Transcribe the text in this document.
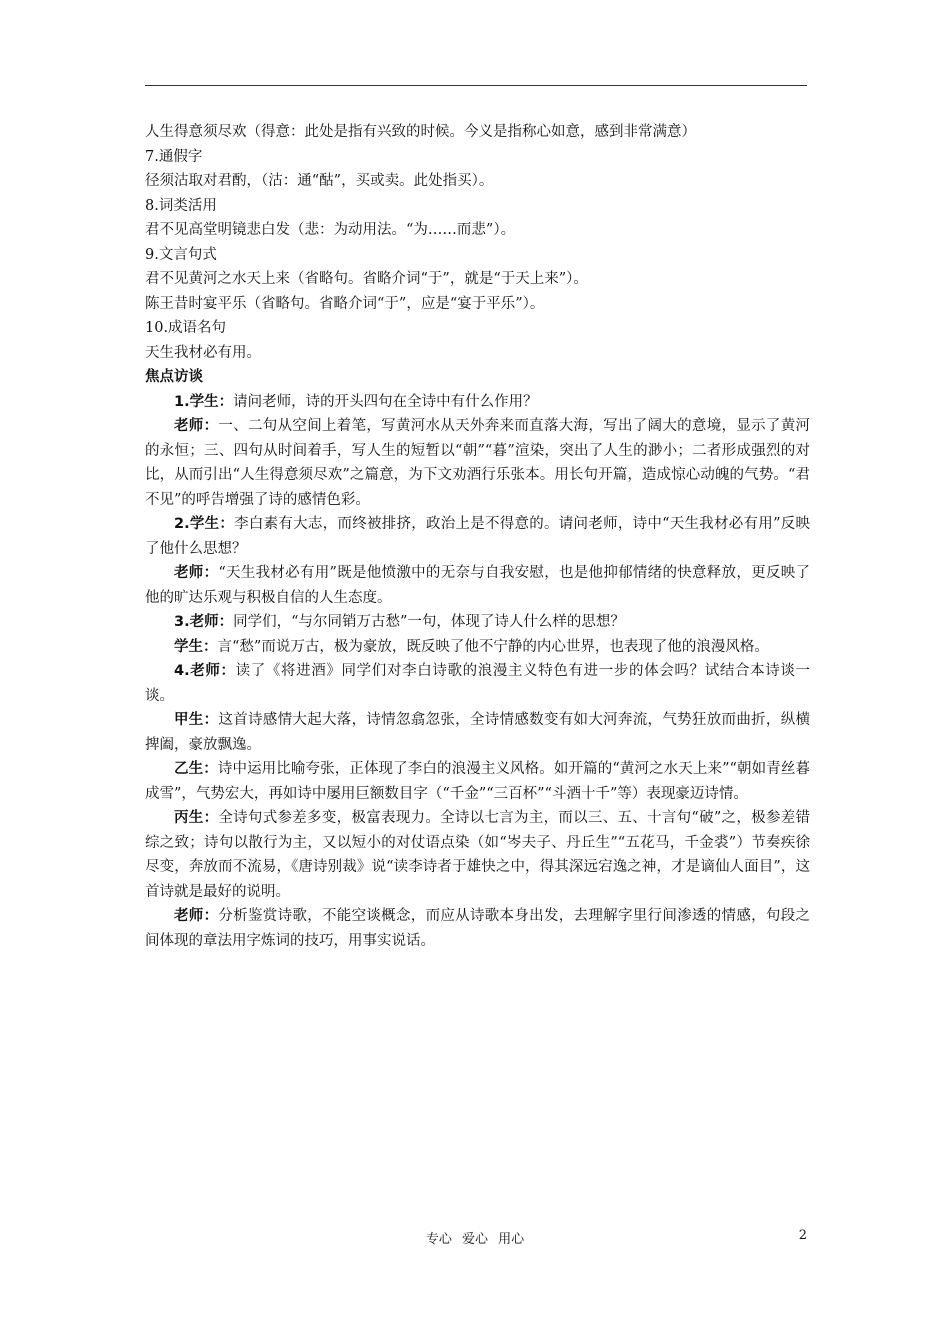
人生得意须尽欢（得意：此处是指有兴致的时候。今义是指称心如意，感到非常满意）
7.通假字
径须沽取对君酌，（沽：通“酤”，买或卖。此处指买）。
8.词类活用
君不见高堂明镜悲白发（悲：为动用法。“为……而悲”）。
9.文言句式
君不见黄河之水天上来（省略句。省略介词“于”，就是“于天上来”）。
陈王昔时宴平乐（省略句。省略介词“于”，应是“宴于平乐”）。
10.成语名句
天生我材必有用。
焦点访谈
1.学生：请问老师，诗的开头四句在全诗中有什么作用？
老师：一、二句从空间上着笔，写黄河水从天外奔来而直落大海，写出了阔大的意境，显示了黄河的永恒；三、四句从时间着手，写人生的短暂以“朝”“暮”渲染，突出了人生的渺小；二者形成强烈的对比，从而引出“人生得意须尽欢”之篇意，为下文劝酒行乐张本。用长句开篇，造成惊心动魄的气势。“君不见”的呼告增强了诗的感情色彩。
2.学生：李白素有大志，而终被排挤，政治上是不得意的。请问老师，诗中“天生我材必有用”反映了他什么思想？
老师：“天生我材必有用”既是他愤激中的无奈与自我安慰，也是他抑郁情绪的快意释放，更反映了他的旷达乐观与积极自信的人生态度。
3.老师：同学们，“与尔同销万古愁”一句，体现了诗人什么样的思想？
学生：言“愁”而说万古，极为豪放，既反映了他不宁静的内心世界，也表现了他的浪漫风格。
4.老师：读了《将进酒》同学们对李白诗歌的浪漫主义特色有进一步的体会吗？试结合本诗谈一谈。
甲生：这首诗感情大起大落，诗情忽翕忽张，全诗情感数变有如大河奔流，气势狂放而曲折，纵横捭阖，豪放飘逸。
乙生：诗中运用比喻夸张，正体现了李白的浪漫主义风格。如开篇的“黄河之水天上来”“朝如青丝暮成雪”，气势宏大，再如诗中屡用巨额数目字（“千金”“三百杯”“斗酒十千”等）表现豪迈诗情。
丙生：全诗句式参差多变，极富表现力。全诗以七言为主，而以三、五、十言句“破”之，极参差错综之致；诗句以散行为主，又以短小的对仗语点染（如“岑夫子、丹丘生”“五花马，千金裘”）节奏疾徐尽变，奔放而不流易，《唐诗别裁》说“读李诗者于雄快之中，得其深远宕逸之神，才是谪仙人面目”，这首诗就是最好的说明。
老师：分析鉴赏诗歌，不能空谈概念，而应从诗歌本身出发，去理解字里行间渗透的情感，句段之间体现的章法用字炼词的技巧，用事实说话。
专心 爱心 用心	2
